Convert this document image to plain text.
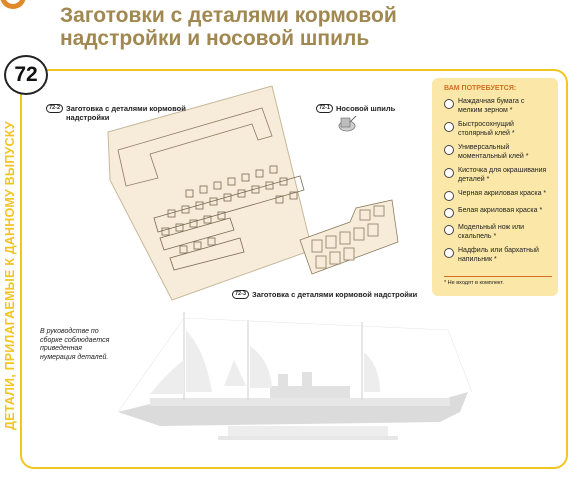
Заготовки с деталями кормовой
надстройки и носовой шпиль
72
ДЕТАЛИ, ПРИЛАГАЕМЫЕ К ДАННОМУ ВЫПУСКУ
72-2 Заготовка с деталями кормовой надстройки
72-1 Носовой шпиль
72-3 Заготовка с деталями кормовой надстройки
ВАМ ПОТРЕБУЕТСЯ:
Наждачная бумага с мелким зерном *
Быстросохнущий столярный клей *
Универсальный моментальный клей *
Кисточка для окрашивания деталей *
Черная акриловая краска *
Белая акриловая краска *
Модельный нож или скальпель *
Надфиль или бархатный напильник *
* Не входят в комплект.
В руководстве по сборке соблюдается приведенная нумерация деталей.
